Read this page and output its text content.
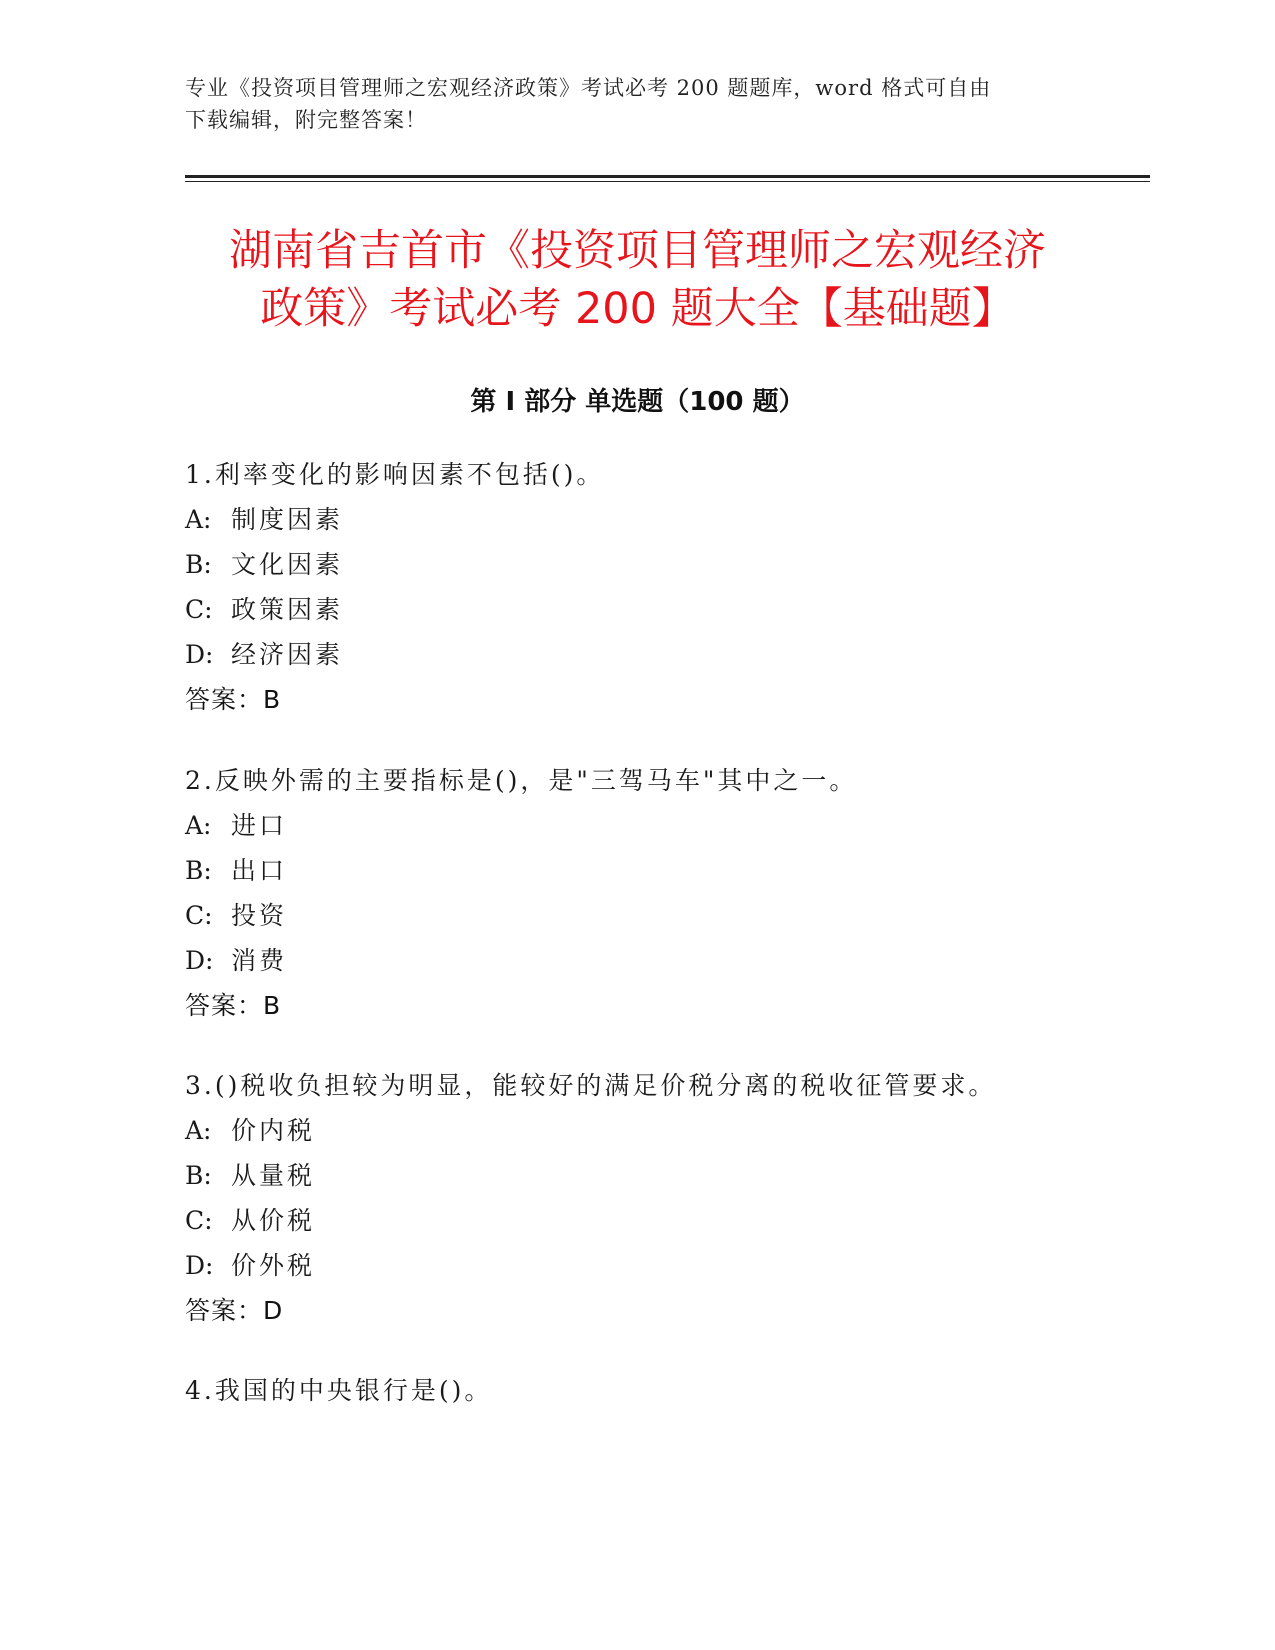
专业《投资项目管理师之宏观经济政策》考试必考 200 题题库，word 格式可自由
下载编辑，附完整答案！
湖南省吉首市《投资项目管理师之宏观经济
政策》考试必考 200 题大全【基础题】
第 I 部分 单选题（100 题）
1.利率变化的影响因素不包括()。
A: 制度因素
B: 文化因素
C: 政策因素
D: 经济因素
答案：B
2.反映外需的主要指标是()，是"三驾马车"其中之一。
A: 进口
B: 出口
C: 投资
D: 消费
答案：B
3.()税收负担较为明显，能较好的满足价税分离的税收征管要求。
A: 价内税
B: 从量税
C: 从价税
D: 价外税
答案：D
4.我国的中央银行是()。
